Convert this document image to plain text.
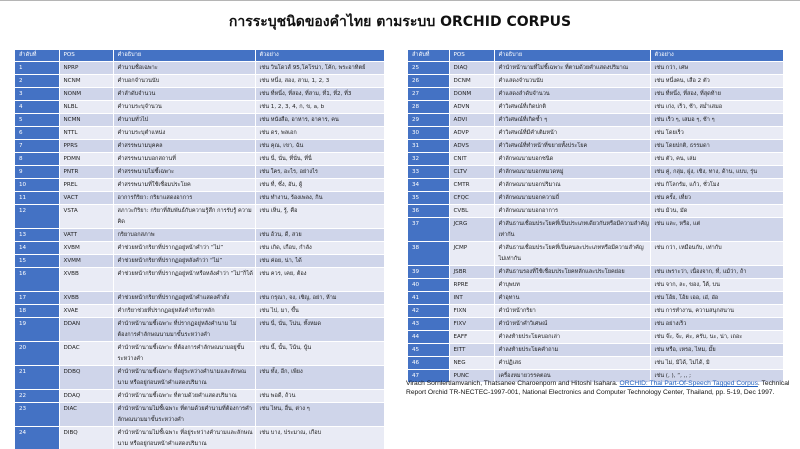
การระบุชนิดของคำไทย ตามระบบ ORCHID CORPUS
ลำดับที่	POS	คำอธิบาย	ตัวอย่าง
1	NPRP	คำนามชื่อเฉพาะ	เช่น วินโดวส์ 95,โคโรน่า, โค้ก, พระอาทิตย์
2	NCNM	คำบอกจำนวนนับ	เช่น หนึ่ง, สอง, สาม, 1, 2, 3
3	NONM	คำลำดับจำนวน	เช่น ที่หนึ่ง, ที่สอง, ที่สาม, ที่1, ที่2, ที่3
4	NLBL	คำนามระบุจำนวน	เช่น 1, 2, 3, 4, ก, ข, a, b
5	NCMN	คำนามทั่วไป	เช่น หนังสือ, อาหาร, อาคาร, คน
6	NTTL	คำนามระบุตำแหน่ง	เช่น ดร, พลเอก
7	PPRS	คำสรรพนามบุคคล	เช่น คุณ, เขา, ฉัน
8	PDMN	คำสรรพนามบอกสถานที่	เช่น นี่, นั่น, ที่นั่น, ที่นี่
9	PNTR	คำสรรพนามไม่ชี้เฉพาะ	เช่น ใคร, อะไร, อย่างไร
10	PREL	คำสรรพนามที่ใช้เชื่อมประโยค	เช่น ที่, ซึ่ง, อัน, ผู้
11	VACT	อาการกิริยา: กริยาแสดงอาการ	เช่น ทำงาน, ร้องเพลง, กิน
12	VSTA	สภาวะกิริยา: กริยาที่สัมพันธ์กับความรู้สึก การรับรู้ ความคิด	เช่น เห็น, รู้, คือ
13	VATT	กริยาบอกสภาพ	เช่น อ้วน, ดี, สวย
14	XVBM	คำช่วยหน้ากริยาที่ปรากฏอยู่หน้าคำว่า “ไม่”	เช่น เกิด, เกือบ, กำลัง
15	XVMM	คำช่วยหน้ากริยาที่ปรากฏอยู่หลังคำว่า “ไม่”	เช่น ค่อย, น่า, ได้
16	XVBB	คำช่วยหน้ากริยาที่ปรากฏอยู่หน้าหรือหลังคำว่า “ไม่”ก็ได้	เช่น ควร, เคย, ต้อง
17	XVBB	คำช่วยหน้ากริยาที่ปรากฏอยู่หน้าคำแสดงคำสั่ง	เช่น กรุณา, จง, เชิญ, อย่า, ห้าม
18	XVAE	คำกริยาช่วยที่ปรากฏอยู่หลังคำกริยาหลัก	เช่น ไป, มา, ขึ้น
19	DDAN	คำนำหน้านามชี้เฉพาะ ที่ปรากฏอยู่หลังคำนาม ไม่ต้องการคำลักษณนามมาขั้นระหว่างคำ	เช่น นี่, นั่น, โน่น, ทั้งหมด
20	DDAC	คำนำหน้านามชี้เฉพาะ ที่ต้องการคำลักษณนามอยู่ขั้นระหว่างคำ	เช่น นี้, นั้น, โน้น, นู้น
21	DDBQ	คำนำหน้านามชี้เฉพาะ ที่อยู่ระหว่างคำนามและลักษณนาม หรืออยู่ก่อนหน้าคำแสดงปริมาณ	เช่น ทั้ง, อีก, เพียง
22	DDAQ	คำนำหน้านามชี้เฉพาะ ที่ตามด้วยคำแสดงปริมาณ	เช่น พอดี, ถ้วน
23	DIAC	คำนำหน้านามไม่ชี้เฉพาะ ที่ตามด้วยคำนามที่ต้องการคำลักษณนามมาขั้นระหว่างคำ	เช่น ไหน, อื่น, ต่าง ๆ
24	DIBQ	คำนำหน้านามไม่ชี้เฉพาะ ที่อยู่ระหว่างคำนามและลักษณนาม หรืออยู่ก่อนหน้าคำแสดงปริมาณ	เช่น บาง, ประมาณ, เกือบ
ลำดับที่	POS	คำอธิบาย	ตัวอย่าง
25	DIAQ	คำนำหน้านามที่ไม่ชี้เฉพาะ ที่ตามด้วยคำแสดงปริมาณ	เช่น กว่า, เศษ
26	DCNM	คำแสดงจำนวนนับ	เช่น หนึ่งคน, เสือ 2 ตัว
27	DONM	คำแสดงลำดับจำนวน	เช่น ที่หนึ่ง, ที่สอง, ที่สุดท้าย
28	ADVN	คำวิเศษณ์ที่เกิดปกติ	เช่น เก่ง, เร็ว, ช้า, สม่ำเสมอ
29	ADVI	คำวิเศษณ์ที่เกิดซ้ำ ๆ	เช่น เร็ว ๆ, เสมอ ๆ, ช้า ๆ
30	ADVP	คำวิเศษณ์ที่มีคำเติมหน้า	เช่น โดยเร็ว
31	ADVS	คำวิเศษณ์ที่ทำหน้าที่ขยายทั้งประโยค	เช่น โดยปกติ, ธรรมดา
32	CNIT	คำลักษณนามบอกชนิด	เช่น ตัว, คน, เล่ม
33	CLTV	คำลักษณนามบอกหมวดหมู่	เช่น คู่, กลุ่ม, ฝูง, เชิง, ทาง, ด้าน, แบบ, รุ่น
34	CMTR	คำลักษณนามบอกปริมาณ	เช่น กิโลกรัม, แก้ว, ชั่วโมง
35	CFQC	คำลักษณนามบอกความถี่	เช่น ครั้ง, เที่ยว
36	CVBL	คำลักษณนามบอกอาการ	เช่น ม้วน, มัด
37	JCRG	คำสันธานเชื่อมประโยคที่เป็นประเภทเดียวกันหรือมีความสำคัญเท่ากัน	เช่น และ, หรือ, แต่
38	JCMP	คำสันธานเชื่อมประโยคที่เป็นคนละประเภทหรือมีความสำคัญไม่เท่ากัน	เช่น กว่า, เหมือนกับ, เท่ากับ
39	JSBR	คำสันธานรองที่ใช้เชื่อมประโยคหลักและประโยคย่อย	เช่น เพราะว่า, เนื่องจาก, ที่, แม้ว่า, ถ้า
40	RPRE	คำบุพบท	เช่น จาก, ละ, ของ, ใต้, บน
41	INT	คำอุทาน	เช่น โอ้ย, โอ้ย เออ, เอ๋, อ๋อ
42	FIXN	คำนำหน้ากริยา	เช่น การทำงาน, ความสนุกสนาน
43	FIXV	คำนำหน้าคำวิเศษณ์	เช่น อย่างเร็ว
44	EAFF	คำลงท้ายประโยคบอกเล่า	เช่น จ๊ะ, จ้ะ, ค่ะ, ครับ, นะ, น่า, เถอะ
45	EITT	คำลงท้ายประโยคคำถาม	เช่น หรือ, เหรอ, ไหม, มั้ย
46	NEG	คำปฏิเสธ	เช่น ไม่, มิได้, ไม่ได้, มิ
47	PUNC	เครื่องหมายวรรคตอน	เช่น (, ), “, ,, ;

Virach Sornlertlamvanich, Thatsanee Charoenporn and Hitoshi Isahara. ORCHID: Thai Part-Of-Speech Tagged Corpus. Technical Report Orchid TR-NECTEC-1997-001, National Electronics and Computer Technology Center, Thailand, pp. 5-19, Dec 1997.
